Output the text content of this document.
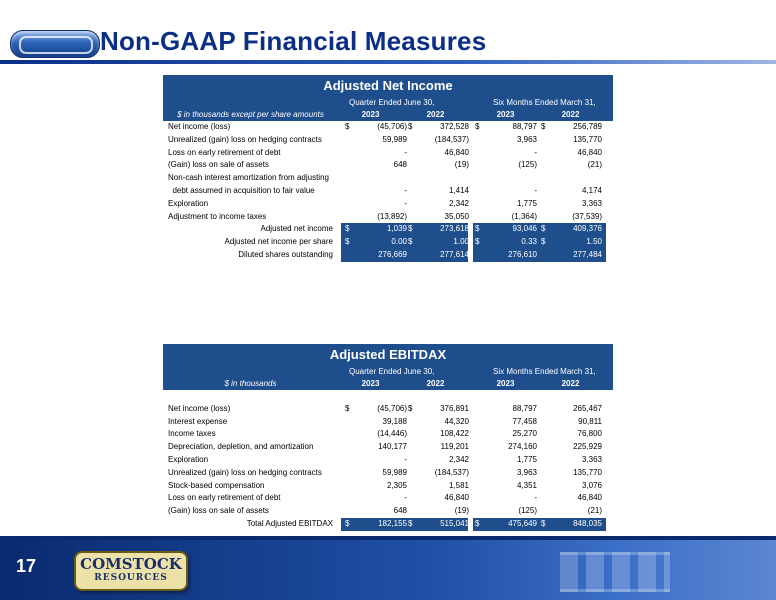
Non-GAAP Financial Measures
Adjusted Net Income
Quarter Ended June 30,	Six Months Ended March 31,
$ in thousands except per share amounts	2023	2022	2023	2022
Net income (loss)	$	(45,706) $	372,528 $	88,797 $	256,789
Unrealized (gain) loss on hedging contracts	59,989	(184,537)	3,963	135,770
Loss on early retirement of debt	-	46,840	-	46,840
(Gain) loss on sale of assets	648	(19)	(125)	(21)
Non-cash interest amortization from adjusting
debt assumed in acquisition to fair value	-	1,414	-	4,174
Exploration	-	2,342	1,775	3,363
Adjustment to income taxes	(13,892)	35,050	(1,364)	(37,539)
Adjusted net income $	1,039 $	273,618 $	93,046 $	409,376
Adjusted net income per share $	0.00 $	1.00 $	0.33 $	1.50
Diluted shares outstanding	276,669	277,614	276,610	277,484
Adjusted EBITDAX
Quarter Ended June 30,	Six Months Ended March 31,
$ in thousands	2023	2022	2023	2022
Net income (loss)	$	(45,706) $	376,891	88,797	265,467
Interest expense	39,188	44,320	77,458	90,811
Income taxes	(14,446)	108,422	25,270	76,800
Depreciation, depletion, and amortization	140,177	119,201	274,160	225,929
Exploration	-	2,342	1,775	3,363
Unrealized (gain) loss on hedging contracts	59,989	(184,537)	3,963	135,770
Stock-based compensation	2,305	1,581	4,351	3,076
Loss on early retirement of debt	-	46,840	-	46,840
(Gain) loss on sale of assets	648	(19)	(125)	(21)
Total Adjusted EBITDAX $	182,155 $	515,041 $	475,649 $	848,035
17	COMSTOCK
RESOURCES
